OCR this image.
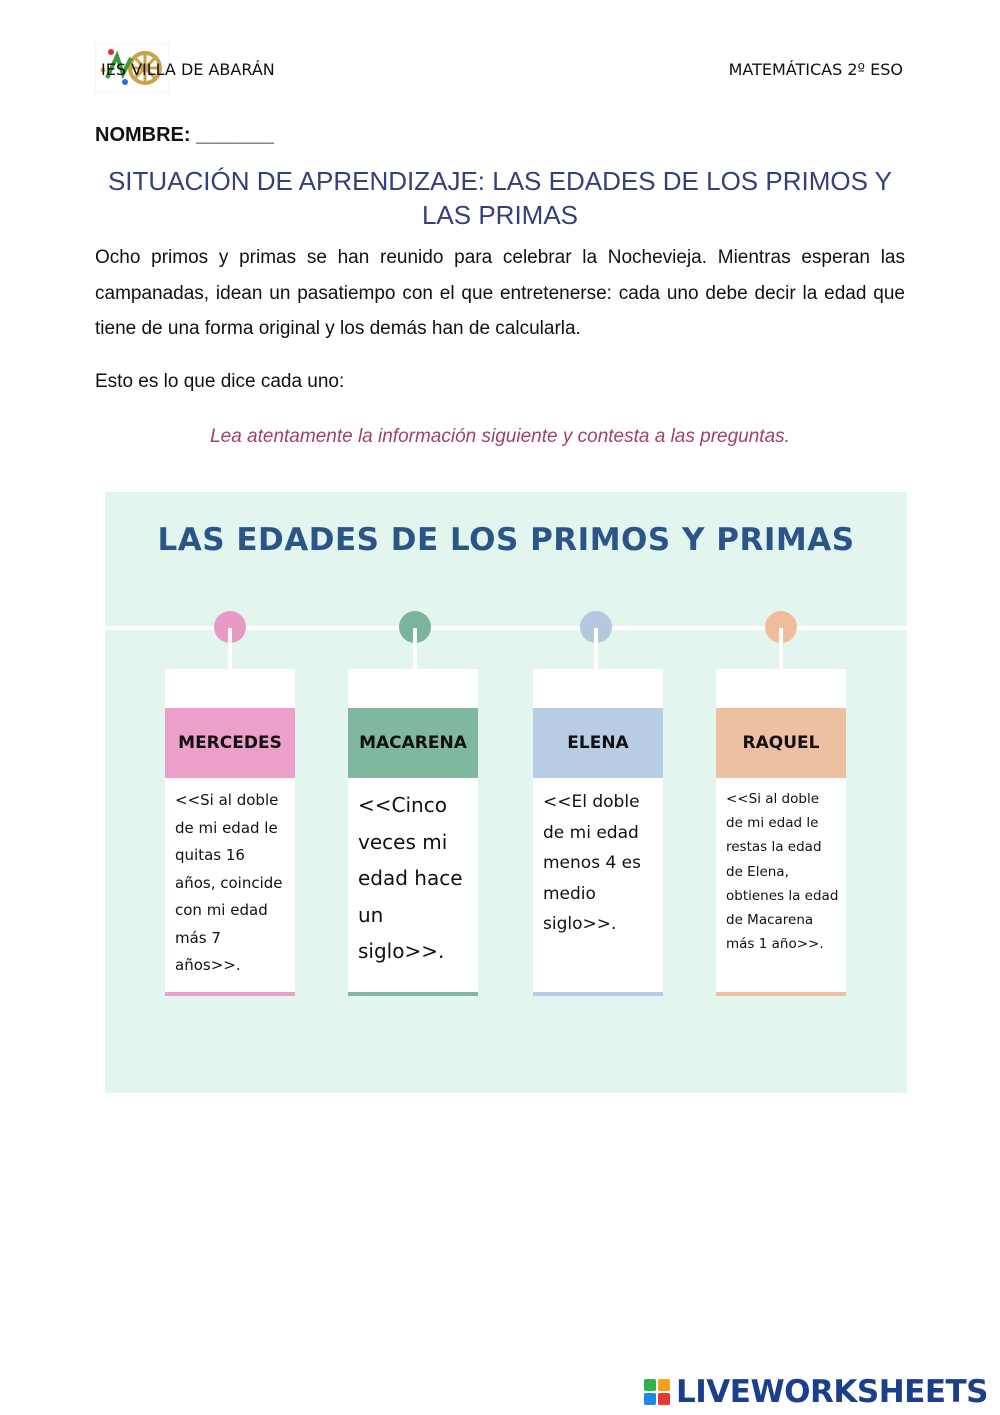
IES VILLA DE ABARÁN	MATEMÁTICAS 2º ESO
NOMBRE: _______
SITUACIÓN DE APRENDIZAJE: LAS EDADES DE LOS PRIMOS Y LAS PRIMAS
Ocho primos y primas se han reunido para celebrar la Nochevieja. Mientras esperan las campanadas, idean un pasatiempo con el que entretenerse: cada uno debe decir la edad que tiene de una forma original y los demás han de calcularla.
Esto es lo que dice cada uno:
Lea atentamente la información siguiente y contesta a las preguntas.
LAS EDADES DE LOS PRIMOS Y PRIMAS
MERCEDES
<<Si al doble de mi edad le quitas 16 años, coincide con mi edad más 7 años>>.
MACARENA
<<Cinco veces mi edad hace un siglo>>.
ELENA
<<El doble de mi edad menos 4 es medio siglo>>.
RAQUEL
<<Si al doble de mi edad le restas la edad de Elena, obtienes la edad de Macarena más 1 año>>.
LIVEWORKSHEETS
